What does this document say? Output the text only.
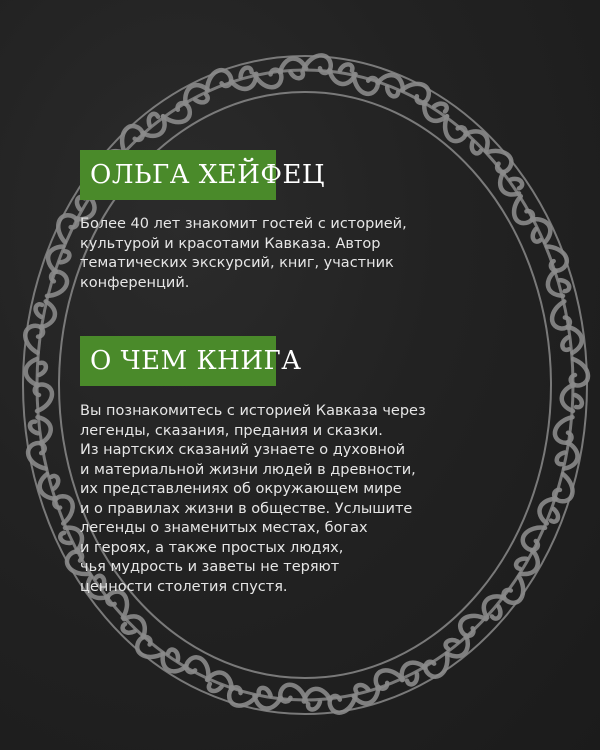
ОЛЬГА ХЕЙФЕЦ

Более 40 лет знакомит гостей с историей,
культурой и красотами Кавказа. Автор
тематических экскурсий, книг, участник
конференций.

О ЧЕМ КНИГА

Вы познакомитесь с историей Кавказа через
легенды, сказания, предания и сказки.
Из нартских сказаний узнаете о духовной
и материальной жизни людей в древности,
их представлениях об окружающем мире
и о правилах жизни в обществе. Услышите
легенды о знаменитых местах, богах
и героях, а также простых людях,
чья мудрость и заветы не теряют
ценности столетия спустя.
